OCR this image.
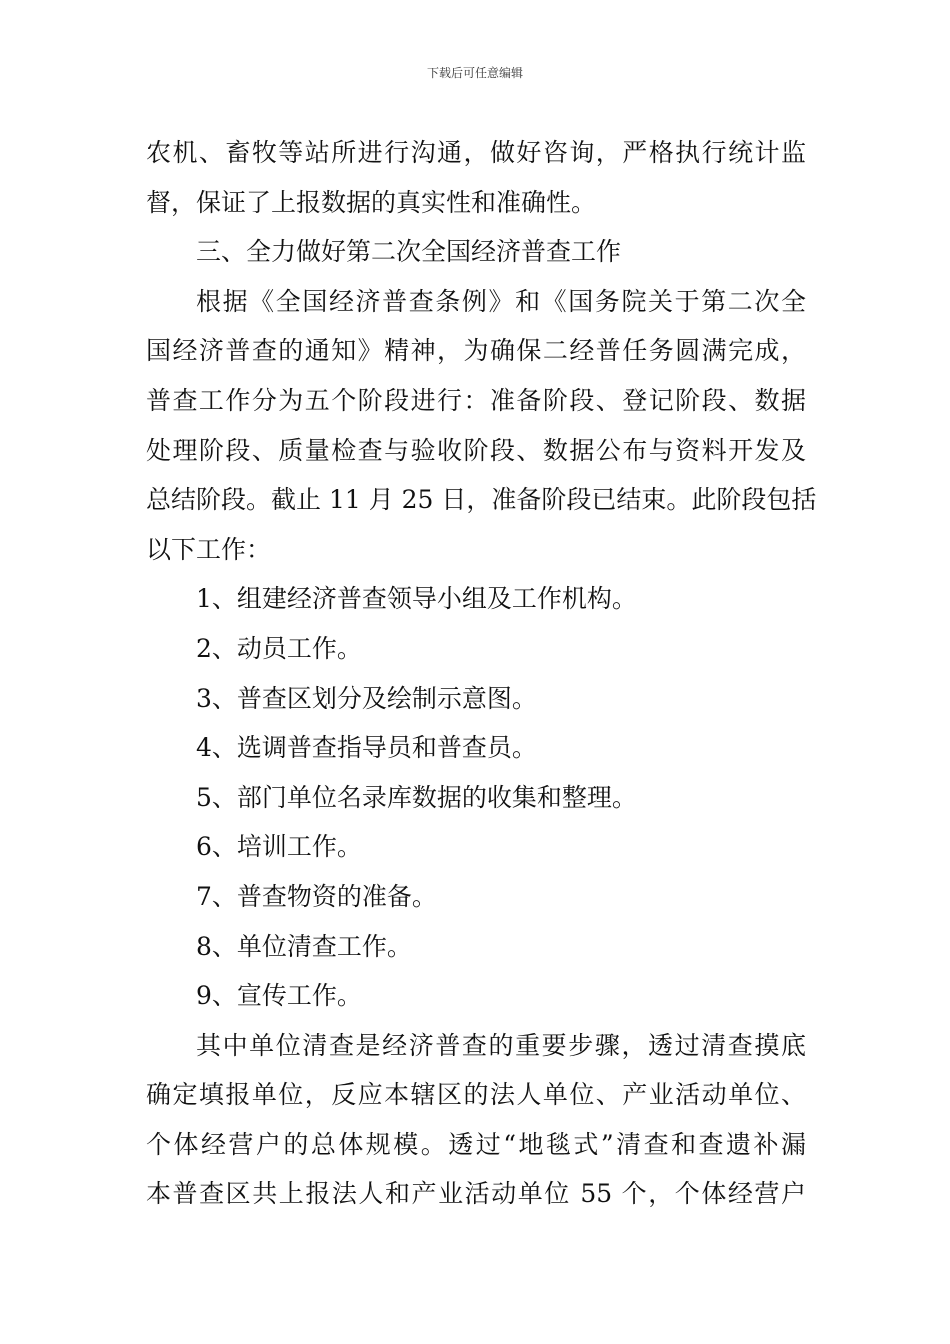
下载后可任意编辑
农机、畜牧等站所进行沟通，做好咨询，严格执行统计监
督，保证了上报数据的真实性和准确性。
三、全力做好第二次全国经济普查工作
根据《全国经济普查条例》和《国务院关于第二次全
国经济普查的通知》精神，为确保二经普任务圆满完成，
普查工作分为五个阶段进行：准备阶段、登记阶段、数据
处理阶段、质量检查与验收阶段、数据公布与资料开发及
总结阶段。截止 11 月 25 日，准备阶段已结束。此阶段包括
以下工作：
1、组建经济普查领导小组及工作机构。
2、动员工作。
3、普查区划分及绘制示意图。
4、选调普查指导员和普查员。
5、部门单位名录库数据的收集和整理。
6、培训工作。
7、普查物资的准备。
8、单位清查工作。
9、宣传工作。
其中单位清查是经济普查的重要步骤，透过清查摸底
确定填报单位，反应本辖区的法人单位、产业活动单位、
个体经营户的总体规模。透过“地毯式”清查和查遗补漏
本普查区共上报法人和产业活动单位 55 个，个体经营户
